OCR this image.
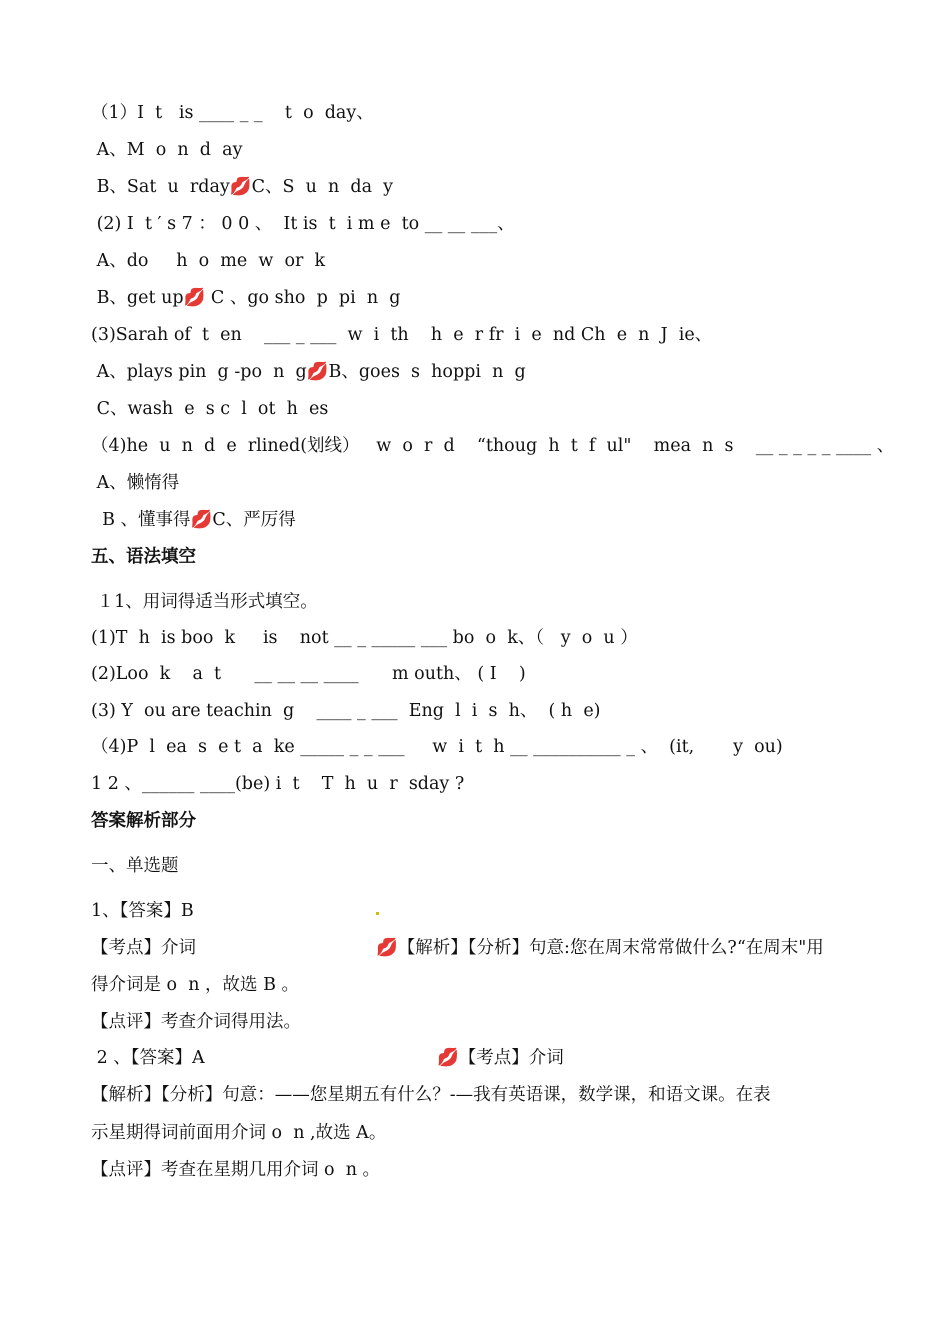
（1）I  t   is ____ _ _    t  o  day、
A、M  o  n  d  ay
B、Sat  u  rday💋C、S  u  n  da  y
(2) I  t ′ s 7 ： 0 0 、  It is  t  i m e  to __ __ ___、
A、do     h  o  me  w  or  k
B、get up💋 C 、go sho  p  pi  n  g
(3)Sarah of  t  en    ___ _ ___  w  i  th    h  e  r fr  i  e  nd Ch  e  n  J  ie、
A、plays pin  g -po  n  g💋B、goes  s  hoppi  n  g
C、wash  e  s c  l  ot  h  es
（4)he  u  n  d  e  rlined(划线）   w  o  r  d    “thoug  h  t  f  ul"    mea  n  s    __ _ _ _ _ ____ 、
A、懒惰得
B 、懂事得💋C、严厉得
五、语法填空
１1、用词得适当形式填空。
(1)T  h  is boo  k     is    not __ _ _____ ___ bo  o  k、（   y  o  u ）
(2)Loo  k    a  t      __ __ __ ____      m outh、 ( I    )
(3) Y  ou are teachin  g    ____ _ ___  Eng  l  i  s  h、  ( h  e)
（4)P  l  ea  s  e t  a  ke _____ _ _ ___     w  i  t  h __ __________ _ 、  (it,       y  ou)
1 2 、______ ____(be) i  t    T  h  u  r  sday ?
答案解析部分
一、单选题
1、【答案】B
【考点】介词	💋【解析】【分析】句意:您在周末常常做什么?“在周末"用
得介词是 o  n ，故选 B 。
【点评】考查介词得用法。
2 、【答案】A	💋【考点】介词
【解析】【分析】句意：——您星期五有什么？-—我有英语课，数学课，和语文课。在表
示星期得词前面用介词 o  n ,故选 A。
【点评】考查在星期几用介词 o  n 。
